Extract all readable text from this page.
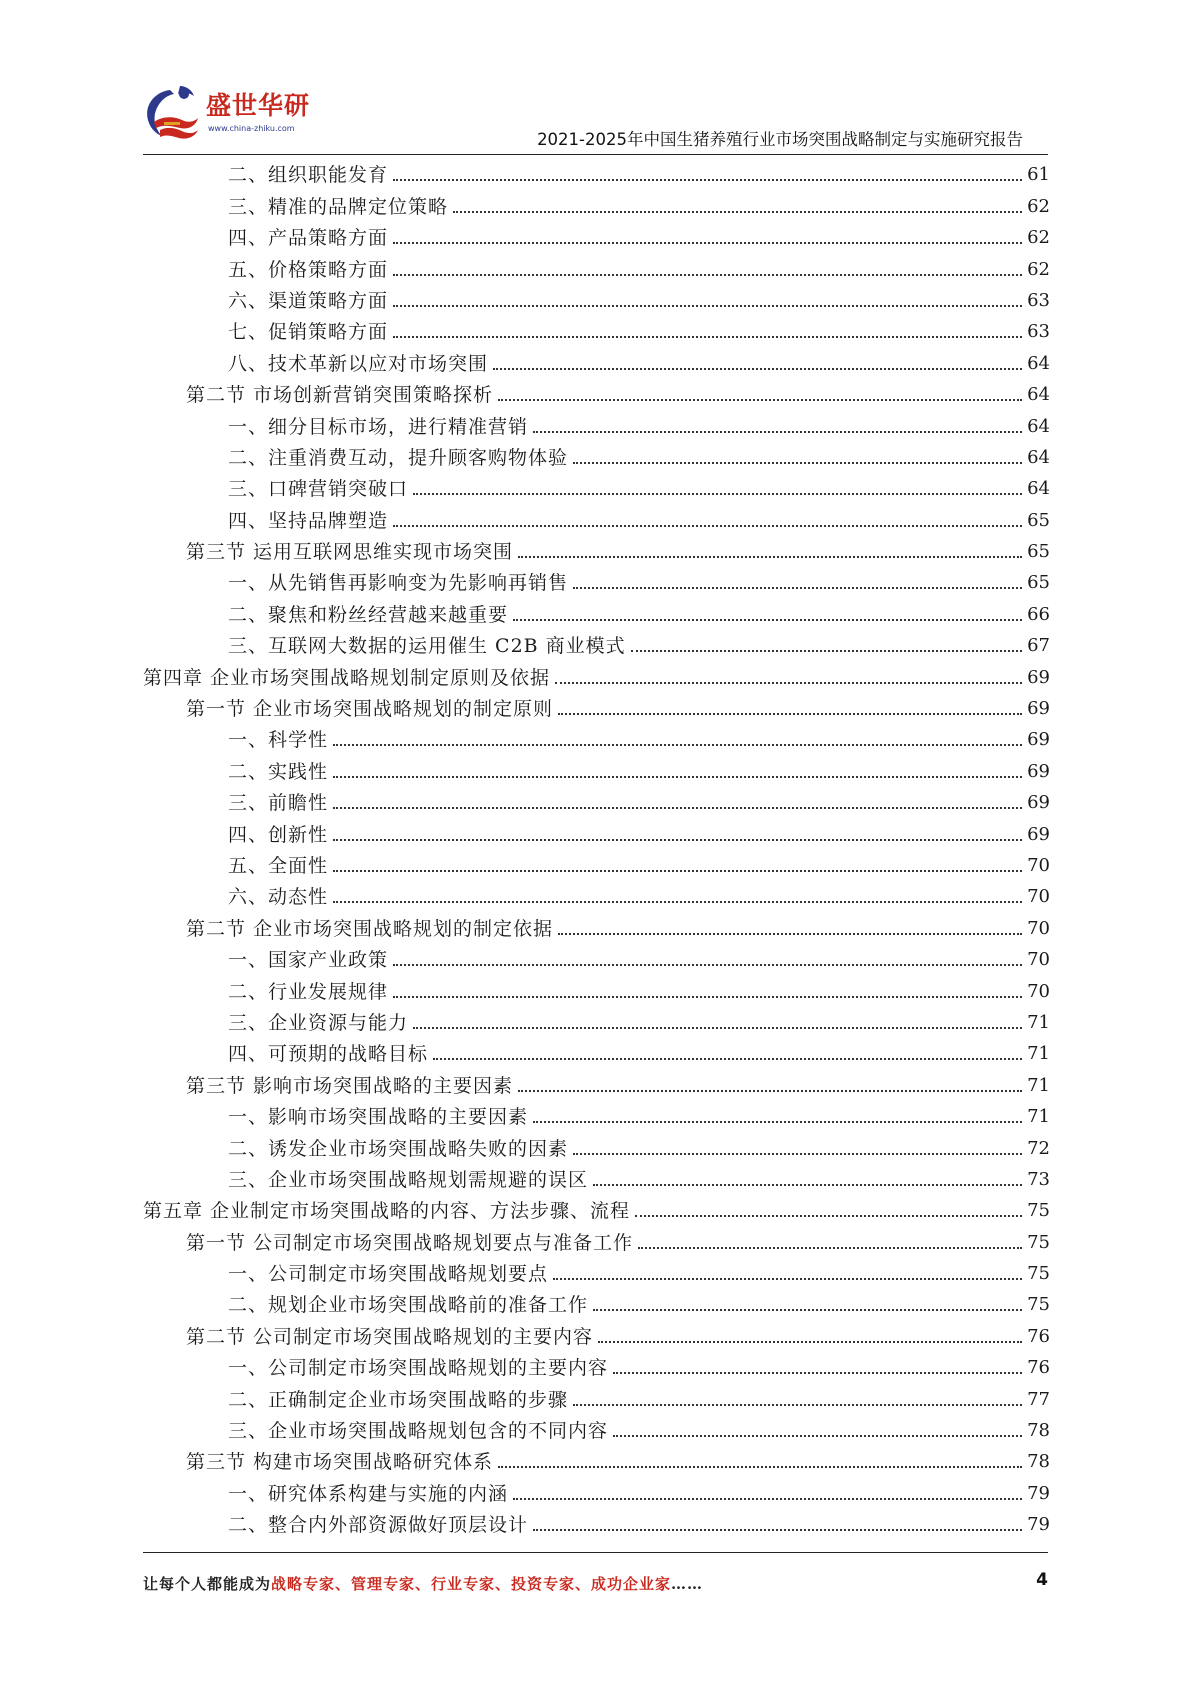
盛世华研
www.china-zhiku.com
2021-2025年中国生猪养殖行业市场突围战略制定与实施研究报告
二、组织职能发育	61
三、精准的品牌定位策略	62
四、产品策略方面	62
五、价格策略方面	62
六、渠道策略方面	63
七、促销策略方面	63
八、技术革新以应对市场突围	64
第二节 市场创新营销突围策略探析	64
一、细分目标市场，进行精准营销	64
二、注重消费互动，提升顾客购物体验	64
三、口碑营销突破口	64
四、坚持品牌塑造	65
第三节 运用互联网思维实现市场突围	65
一、从先销售再影响变为先影响再销售	65
二、聚焦和粉丝经营越来越重要	66
三、互联网大数据的运用催生 C2B 商业模式	67
第四章 企业市场突围战略规划制定原则及依据	69
第一节 企业市场突围战略规划的制定原则	69
一、科学性	69
二、实践性	69
三、前瞻性	69
四、创新性	69
五、全面性	70
六、动态性	70
第二节 企业市场突围战略规划的制定依据	70
一、国家产业政策	70
二、行业发展规律	70
三、企业资源与能力	71
四、可预期的战略目标	71
第三节 影响市场突围战略的主要因素	71
一、影响市场突围战略的主要因素	71
二、诱发企业市场突围战略失败的因素	72
三、企业市场突围战略规划需规避的误区	73
第五章 企业制定市场突围战略的内容、方法步骤、流程	75
第一节 公司制定市场突围战略规划要点与准备工作	75
一、公司制定市场突围战略规划要点	75
二、规划企业市场突围战略前的准备工作	75
第二节 公司制定市场突围战略规划的主要内容	76
一、公司制定市场突围战略规划的主要内容	76
二、正确制定企业市场突围战略的步骤	77
三、企业市场突围战略规划包含的不同内容	78
第三节 构建市场突围战略研究体系	78
一、研究体系构建与实施的内涵	79
二、整合内外部资源做好顶层设计	79
让每个人都能成为战略专家、管理专家、行业专家、投资专家、成功企业家……	4
